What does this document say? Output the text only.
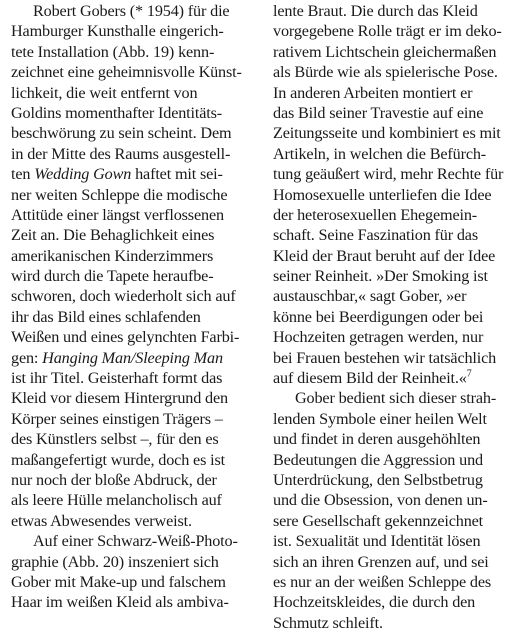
Robert Gobers (* 1954) für die
Hamburger Kunsthalle eingerich-
tete Installation (Abb. 19) kenn-
zeichnet eine geheimnisvolle Künst-
lichkeit, die weit entfernt von
Goldins momenthafter Identitäts-
beschwörung zu sein scheint. Dem
in der Mitte des Raums ausgestell-
ten Wedding Gown haftet mit sei-
ner weiten Schleppe die modische
Attitüde einer längst verflossenen
Zeit an. Die Behaglichkeit eines
amerikanischen Kinderzimmers
wird durch die Tapete heraufbe-
schworen, doch wiederholt sich auf
ihr das Bild eines schlafenden
Weißen und eines gelynchten Farbi-
gen: Hanging Man/Sleeping Man
ist ihr Titel. Geisterhaft formt das
Kleid vor diesem Hintergrund den
Körper seines einstigen Trägers –
des Künstlers selbst –, für den es
maßangefertigt wurde, doch es ist
nur noch der bloße Abdruck, der
als leere Hülle melancholisch auf
etwas Abwesendes verweist.
Auf einer Schwarz-Weiß-Photo-
graphie (Abb. 20) inszeniert sich
Gober mit Make-up und falschem
Haar im weißen Kleid als ambiva-
lente Braut. Die durch das Kleid
vorgegebene Rolle trägt er im deko-
rativem Lichtschein gleichermaßen
als Bürde wie als spielerische Pose.
In anderen Arbeiten montiert er
das Bild seiner Travestie auf eine
Zeitungsseite und kombiniert es mit
Artikeln, in welchen die Befürch-
tung geäußert wird, mehr Rechte für
Homosexuelle unterliefen die Idee
der heterosexuellen Ehegemein-
schaft. Seine Faszination für das
Kleid der Braut beruht auf der Idee
seiner Reinheit. »Der Smoking ist
austauschbar,« sagt Gober, »er
könne bei Beerdigungen oder bei
Hochzeiten getragen werden, nur
bei Frauen bestehen wir tatsächlich
auf diesem Bild der Reinheit.«$^7$
Gober bedient sich dieser strah-
lenden Symbole einer heilen Welt
und findet in deren ausgehöhlten
Bedeutungen die Aggression und
Unterdrückung, den Selbstbetrug
und die Obsession, von denen un-
sere Gesellschaft gekennzeichnet
ist. Sexualität und Identität lösen
sich an ihren Grenzen auf, und sei
es nur an der weißen Schleppe des
Hochzeitskleides, die durch den
Schmutz schleift.
